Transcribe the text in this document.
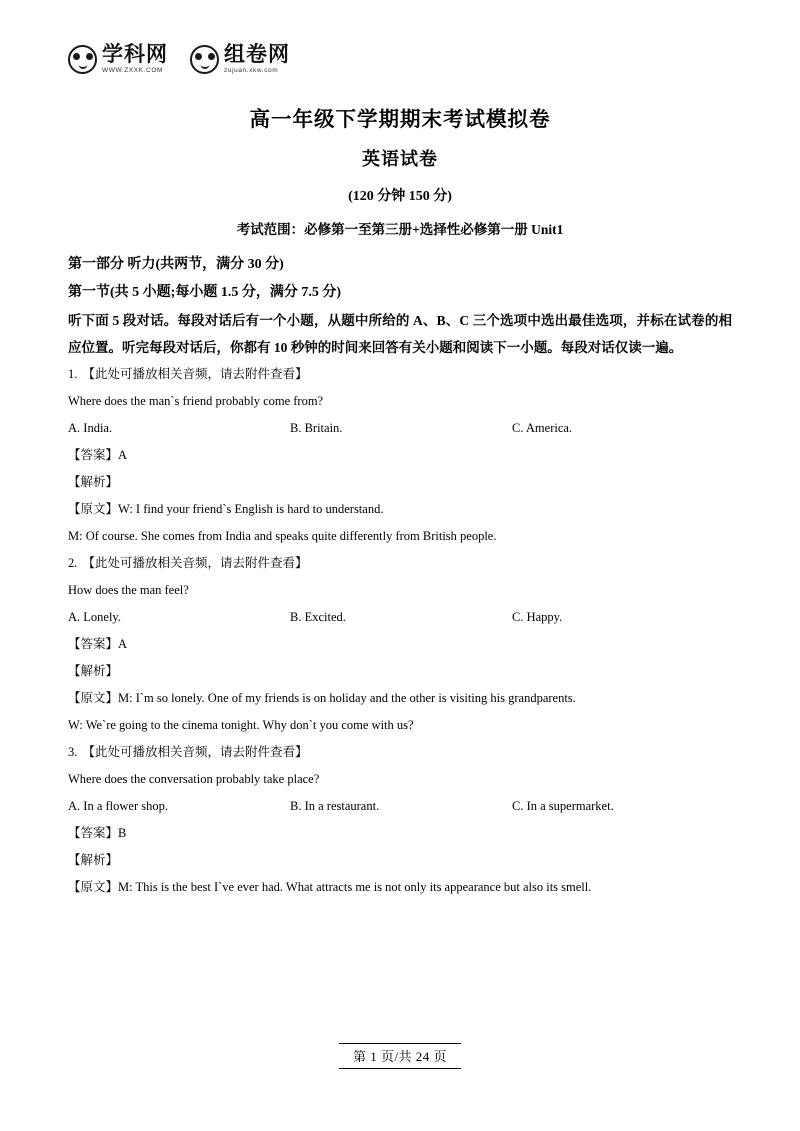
学科网
WWW.ZXXK.COM
组卷网
zujuan.xkw.com
高一年级下学期期末考试模拟卷
英语试卷
(120 分钟 150 分)
考试范围：必修第一至第三册+选择性必修第一册 Unit1
第一部分 听力(共两节，满分 30 分)
第一节(共 5 小题;每小题 1.5 分，满分 7.5 分)
听下面 5 段对话。每段对话后有一个小题，从题中所给的 A、B、C 三个选项中选出最佳选项，并标在试卷的相应位置。听完每段对话后，你都有 10 秒钟的时间来回答有关小题和阅读下一小题。每段对话仅读一遍。
1. 【此处可播放相关音频，请去附件查看】
Where does the man`s friend probably come from?
A. India.	B. Britain.	C. America.
【答案】A
【解析】
【原文】W: I find your friend`s English is hard to understand.
M: Of course. She comes from India and speaks quite differently from British people.
2. 【此处可播放相关音频，请去附件查看】
How does the man feel?
A. Lonely.	B. Excited.	C. Happy.
【答案】A
【解析】
【原文】M: I`m so lonely. One of my friends is on holiday and the other is visiting his grandparents.
W: We`re going to the cinema tonight. Why don`t you come with us?
3. 【此处可播放相关音频，请去附件查看】
Where does the conversation probably take place?
A. In a flower shop.	B. In a restaurant.	C. In a supermarket.
【答案】B
【解析】
【原文】M: This is the best I`ve ever had. What attracts me is not only its appearance but also its smell.
第 1 页/共 24 页
